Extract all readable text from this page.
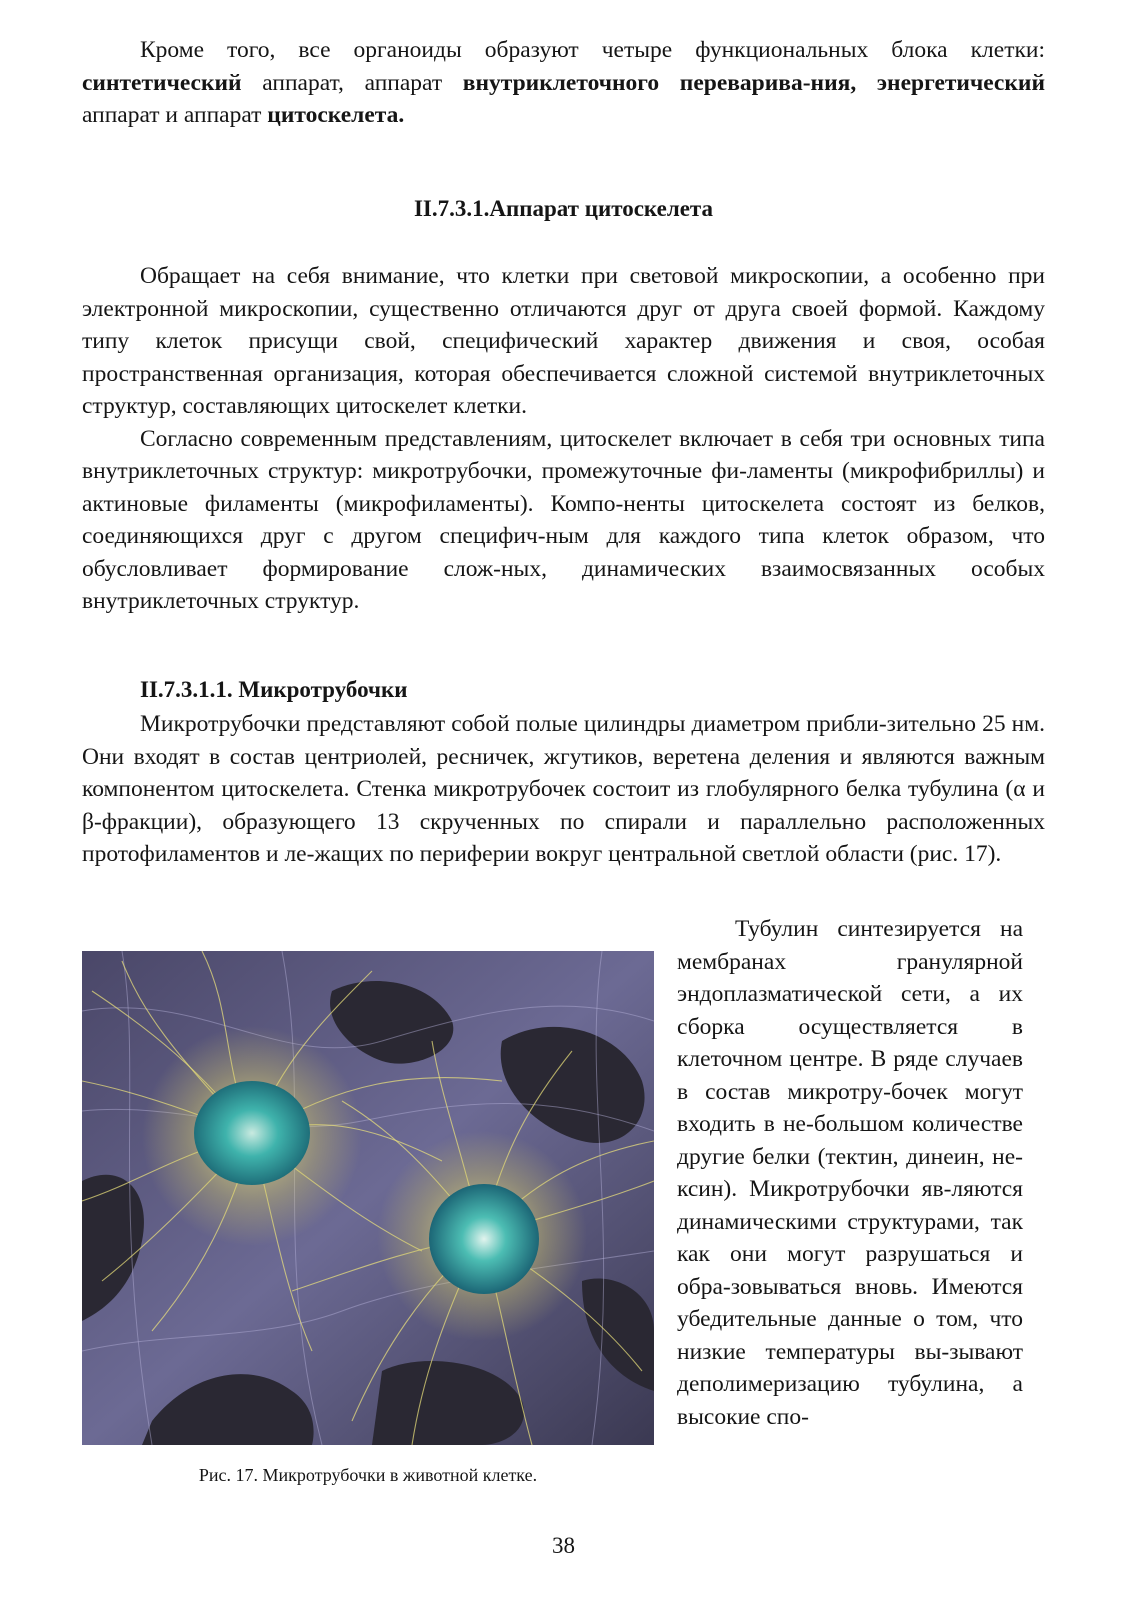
Кроме того, все органоиды образуют четыре функциональных блока клетки: синтетический аппарат, аппарат внутриклеточного переварива-ния, энергетический аппарат и аппарат цитоскелета.

II.7.3.1.Аппарат цитоскелета

Обращает на себя внимание, что клетки при световой микроскопии, а особенно при электронной микроскопии, существенно отличаются друг от друга своей формой. Каждому типу клеток присущи свой, специфический характер движения и своя, особая пространственная организация, которая обеспечивается сложной системой внутриклеточных структур, составляющих цитоскелет клетки.

Согласно современным представлениям, цитоскелет включает в себя три основных типа внутриклеточных структур: микротрубочки, промежуточные фи-ламенты (микрофибриллы) и актиновые филаменты (микрофиламенты). Компо-ненты цитоскелета состоят из белков, соединяющихся друг с другом специфич-ным для каждого типа клеток образом, что обусловливает формирование слож-ных, динамических взаимосвязанных особых внутриклеточных структур.

II.7.3.1.1. Микротрубочки

Микротрубочки представляют собой полые цилиндры диаметром прибли-зительно 25 нм. Они входят в состав центриолей, ресничек, жгутиков, веретена деления и являются важным компонентом цитоскелета. Стенка микротрубочек состоит из глобулярного белка тубулина (α и β-фракции), образующего 13 скрученных по спирали и параллельно расположенных протофиламентов и ле-жащих по периферии вокруг центральной светлой области (рис. 17).

Рис. 17. Микротрубочки в животной клетке.

Тубулин синтезируется на мембранах гранулярной эндоплазматической сети, а их сборка осуществляется в клеточном центре. В ряде случаев в состав микротру-бочек могут входить в не-большом количестве другие белки (тектин, динеин, не-ксин). Микротрубочки яв-ляются динамическими структурами, так как они могут разрушаться и обра-зовываться вновь. Имеются убедительные данные о том, что низкие температуры вы-зывают деполимеризацию тубулина, а высокие спо-

38
